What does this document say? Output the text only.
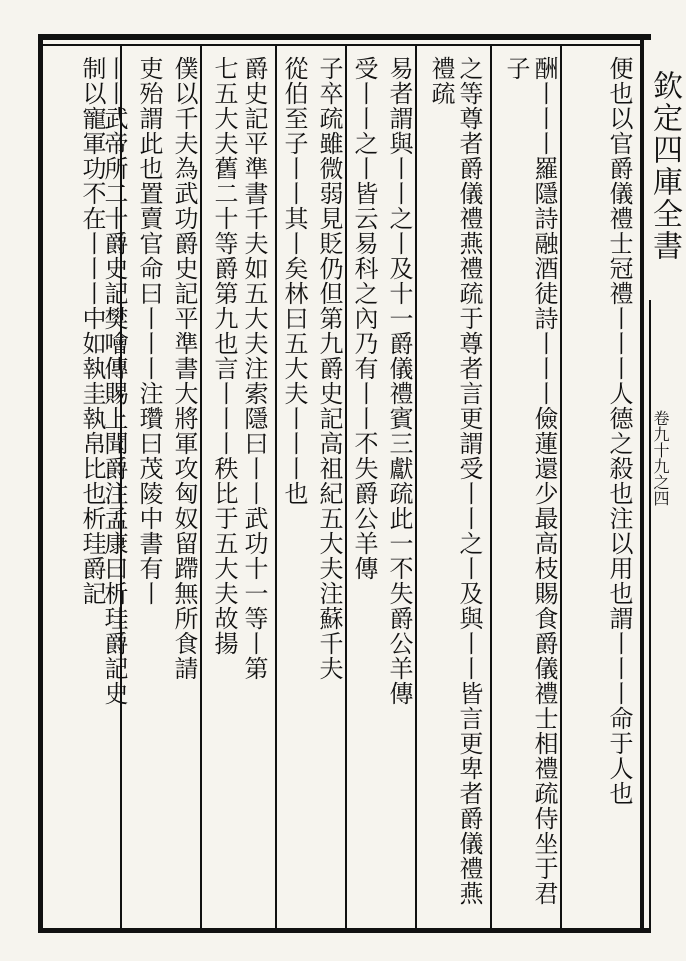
欽定四庫全書
卷九十九之四
便也以官爵儀禮士冠禮丨丨丨人德之殺也注以用也謂丨丨丨命于人也
酬丨丨丨羅隱詩融酒徒詩丨丨丨儉蓮還少最高枝賜食爵儀禮士相禮疏侍坐于君子
之等尊者爵儀禮燕禮疏于尊者言更謂受丨丨之丨及與丨丨皆言更卑者爵儀禮燕禮疏
易者謂與丨丨之丨及十一爵儀禮賓三獻疏此一不失爵公羊傳
受丨丨之丨皆云易科之內乃有丨丨不失爵公羊傳
子卒疏雖微弱見貶仍但第九爵史記高祖紀五大夫注蘇千夫
從伯至子丨丨其丨矣林曰五大夫丨丨丨也
爵史記平準書千夫如五大夫注索隱曰丨丨武功十一等丨第
七五大夫舊二十等爵第九也言丨丨丨秩比于五大夫故揚
僕以千夫為武功爵史記平準書大將軍攻匈奴留蹛無所食請
吏殆謂此也置賣官命曰丨丨丨注瓚曰茂陵中書有丨
丨丨武帝所二十爵史記樊噲傳賜上聞爵注孟康曰析珪爵記史
制以寵軍功不在丨丨丨中如執圭執帛比也析珪爵記
